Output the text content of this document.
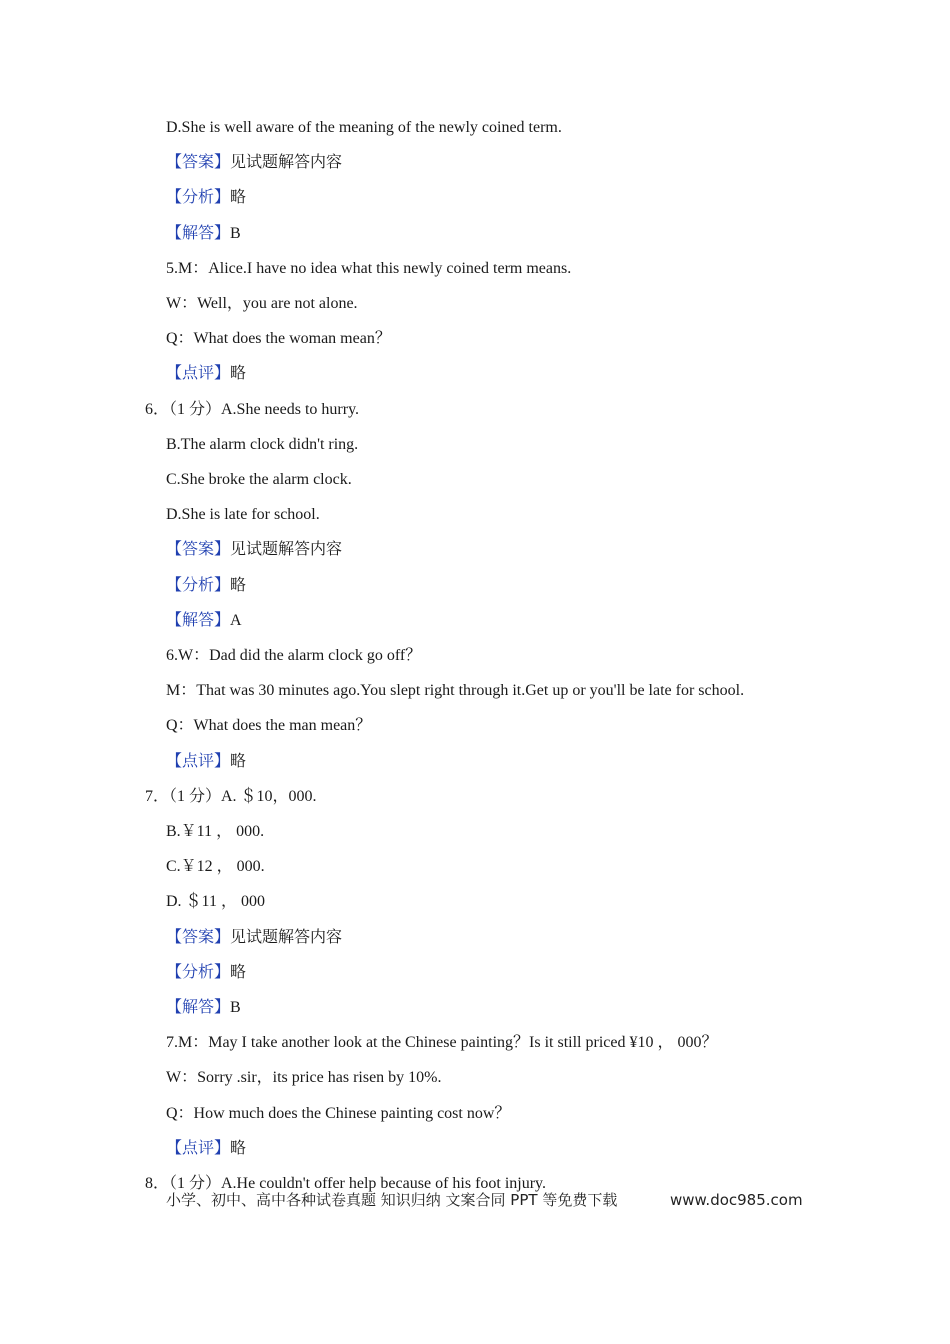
D.She is well aware of the meaning of the newly coined term.
【答案】见试题解答内容
【分析】略
【解答】B
5.M：Alice.I have no idea what this newly coined term means.
W：Well，you are not alone.
Q：What does the woman mean？
【点评】略
6．（1 分）A.She needs to hurry.
B.The alarm clock didn't ring.
C.She broke the alarm clock.
D.She is late for school.
【答案】见试题解答内容
【分析】略
【解答】A
6.W：Dad did the alarm clock go off？
M：That was 30 minutes ago.You slept right through it.Get up or you'll be late for school.
Q：What does the man mean？
【点评】略
7．（1 分）A. ＄10，000.
B.￥11 ， 000.
C.￥12 ， 000.
D. ＄11 ， 000
【答案】见试题解答内容
【分析】略
【解答】B
7.M：May I take another look at the Chinese painting？Is it still priced ¥10 ， 000？
W：Sorry .sir，its price has risen by 10%.
Q：How much does the Chinese painting cost now？
【点评】略
8．（1 分）A.He couldn't offer help because of his foot injury.
小学、初中、高中各种试卷真题 知识归纳 文案合同 PPT 等免费下载	www.doc985.com
